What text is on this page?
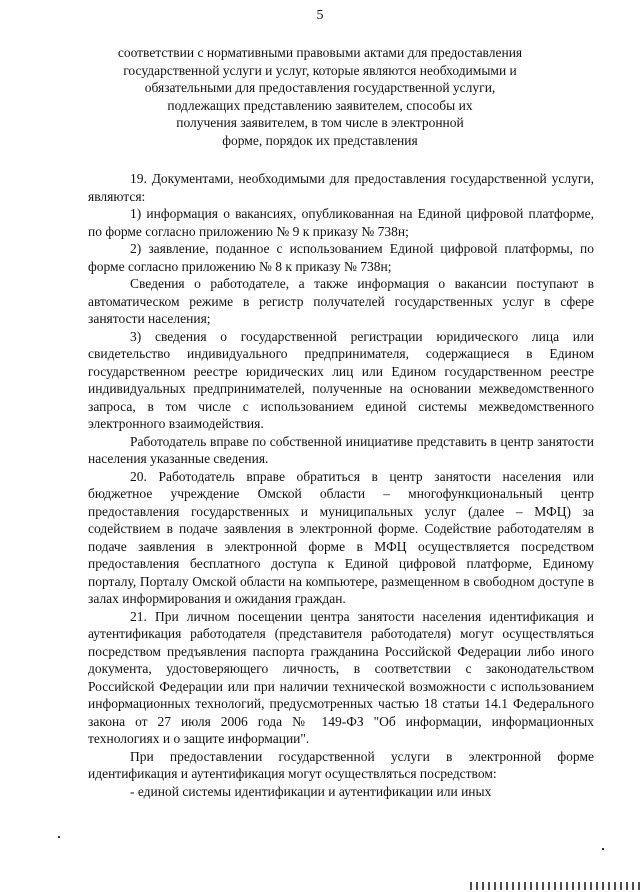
5
соответствии с нормативными правовыми актами для предоставления
государственной услуги и услуг, которые являются необходимыми и
обязательными для предоставления государственной услуги,
подлежащих представлению заявителем, способы их
получения заявителем, в том числе в электронной
форме, порядок их представления

19. Документами, необходимыми для предоставления государственной услуги, являются:

1) информация о вакансиях, опубликованная на Единой цифровой платформе, по форме согласно приложению № 9 к приказу № 738н;

2) заявление, поданное с использованием Единой цифровой платформы, по форме согласно приложению № 8 к приказу № 738н;

Сведения о работодателе, а также информация о вакансии поступают в автоматическом режиме в регистр получателей государственных услуг в сфере занятости населения;

3) сведения о государственной регистрации юридического лица или свидетельство индивидуального предпринимателя, содержащиеся в Едином государственном реестре юридических лиц или Едином государственном реестре индивидуальных предпринимателей, полученные на основании межведомственного запроса, в том числе с использованием единой системы межведомственного электронного взаимодействия.

Работодатель вправе по собственной инициативе представить в центр занятости населения указанные сведения.

20. Работодатель вправе обратиться в центр занятости населения или бюджетное учреждение Омской области – многофункциональный центр предоставления государственных и муниципальных услуг (далее – МФЦ) за содействием в подаче заявления в электронной форме. Содействие работодателям в подаче заявления в электронной форме в МФЦ осуществляется посредством предоставления бесплатного доступа к Единой цифровой платформе, Единому порталу, Порталу Омской области на компьютере, размещенном в свободном доступе в залах информирования и ожидания граждан.

21. При личном посещении центра занятости населения идентификация и аутентификация работодателя (представителя работодателя) могут осуществляться посредством предъявления паспорта гражданина Российской Федерации либо иного документа, удостоверяющего личность, в соответствии с законодательством Российской Федерации или при наличии технической возможности с использованием информационных технологий, предусмотренных частью 18 статьи 14.1 Федерального закона от 27 июля 2006 года № 149-ФЗ "Об информации, информационных технологиях и о защите информации".

При предоставлении государственной услуги в электронной форме идентификация и аутентификация могут осуществляться посредством:

- единой системы идентификации и аутентификации или иных
